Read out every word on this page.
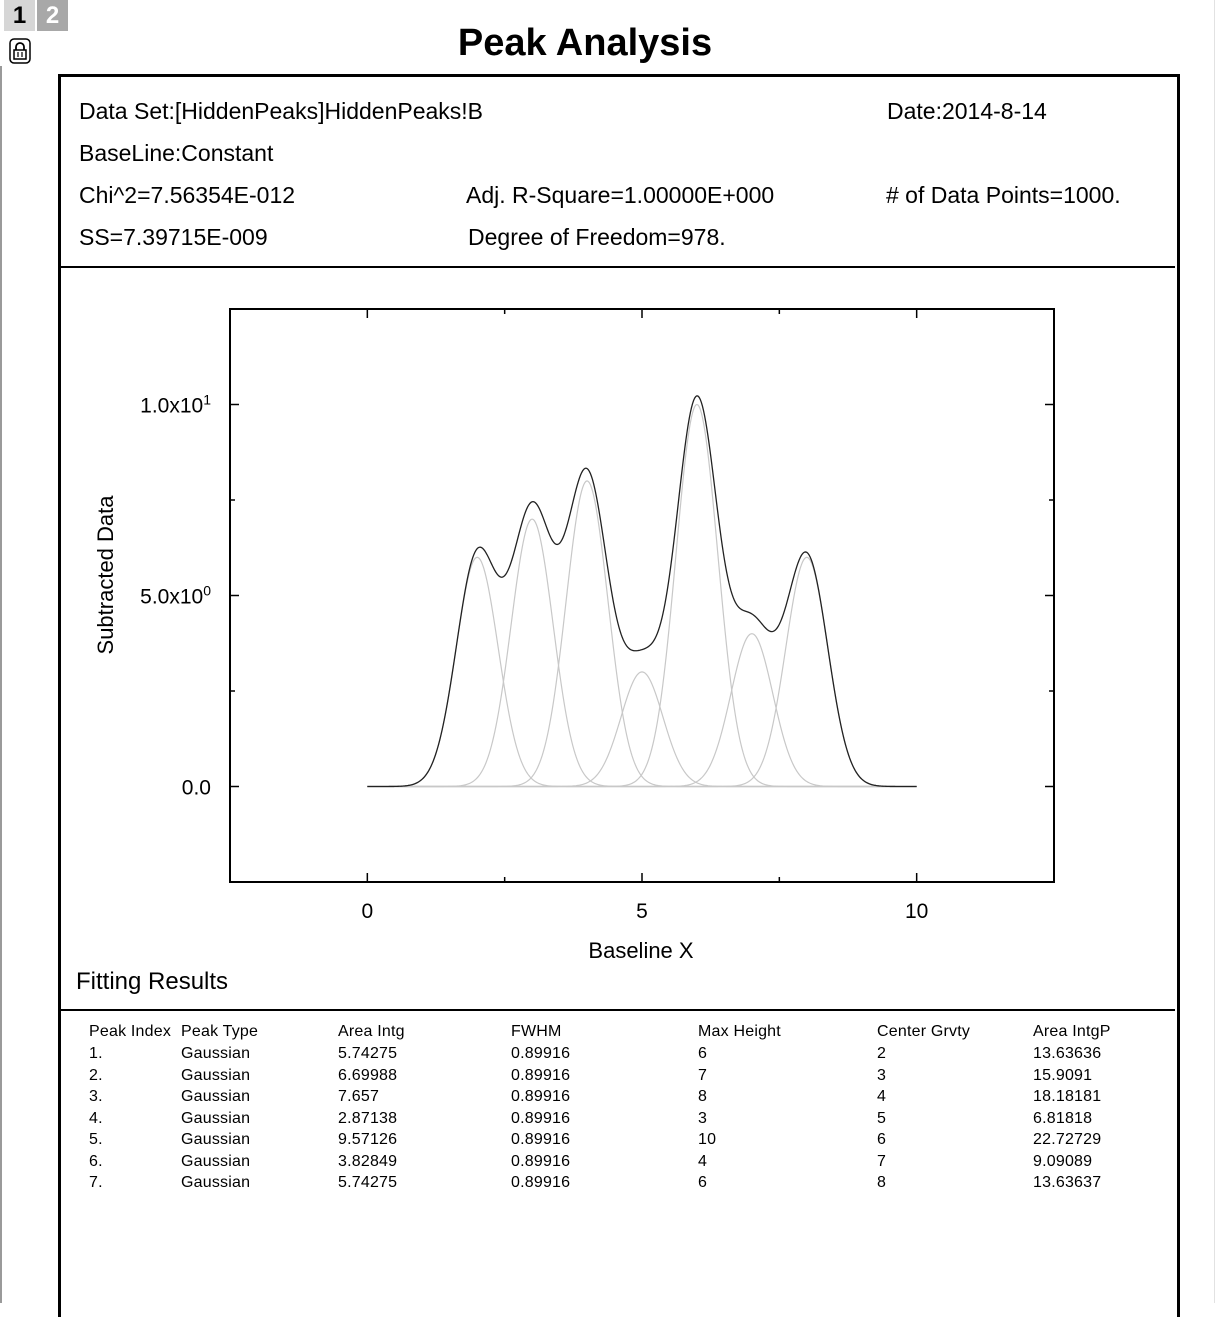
1 2
Peak Analysis
Data Set:[HiddenPeaks]HiddenPeaks!B	Date:2014-8-14
BaseLine:Constant
Chi^2=7.56354E-012	Adj. R-Square=1.00000E+000	# of Data Points=1000.
SS=7.39715E-009	Degree of Freedom=978.
0	5	10
0.0
$5.0x10^0$
$1.0x10^1$
Baseline X
Subtracted Data
Fitting Results
Peak Index Peak Type	Area Intg	FWHM	Max Height	Center Grvty	Area IntgP
1.	Gaussian	5.74275	0.89916	6	2	13.63636
2.	Gaussian	6.69988	0.89916	7	3	15.9091
3.	Gaussian	7.657	0.89916	8	4	18.18181
4.	Gaussian	2.87138	0.89916	3	5	6.81818
5.	Gaussian	9.57126	0.89916	10	6	22.72729
6.	Gaussian	3.82849	0.89916	4	7	9.09089
7.	Gaussian	5.74275	0.89916	6	8	13.63637
